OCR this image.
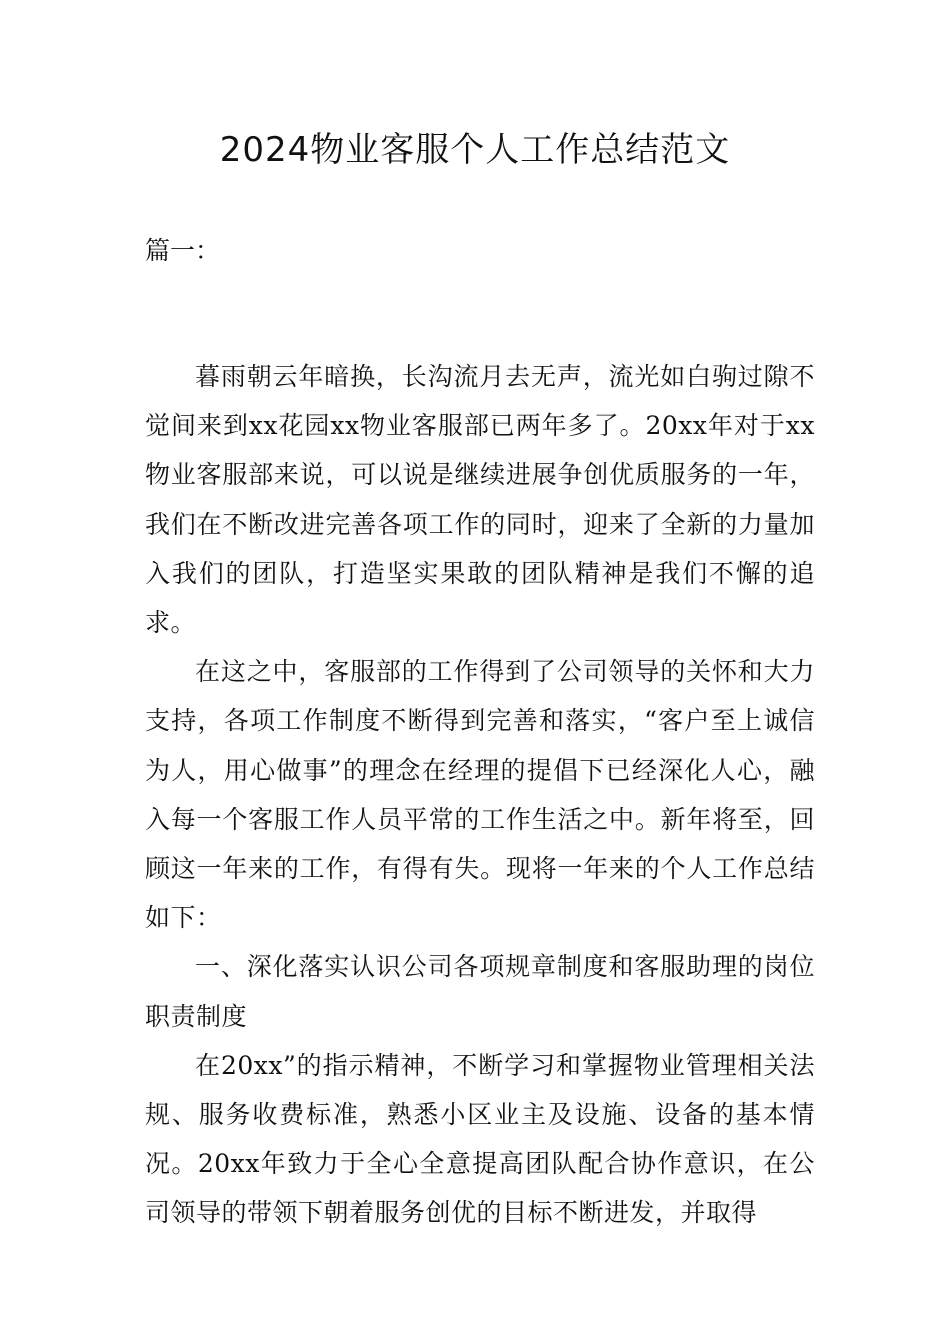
2024物业客服个人工作总结范文

篇一：

暮雨朝云年暗换，长沟流月去无声，流光如白驹过隙不觉间来到xx花园xx物业客服部已两年多了。20xx年对于xx物业客服部来说，可以说是继续进展争创优质服务的一年，我们在不断改进完善各项工作的同时，迎来了全新的力量加入我们的团队，打造坚实果敢的团队精神是我们不懈的追求。

在这之中，客服部的工作得到了公司领导的关怀和大力支持，各项工作制度不断得到完善和落实，“客户至上诚信为人，用心做事”的理念在经理的提倡下已经深化人心，融入每一个客服工作人员平常的工作生活之中。新年将至，回顾这一年来的工作，有得有失。现将一年来的个人工作总结如下：

一、深化落实认识公司各项规章制度和客服助理的岗位职责制度

在20xx”的指示精神，不断学习和掌握物业管理相关法规、服务收费标准，熟悉小区业主及设施、设备的基本情况。20xx年致力于全心全意提高团队配合协作意识，在公司领导的带领下朝着服务创优的目标不断进发，并取得
